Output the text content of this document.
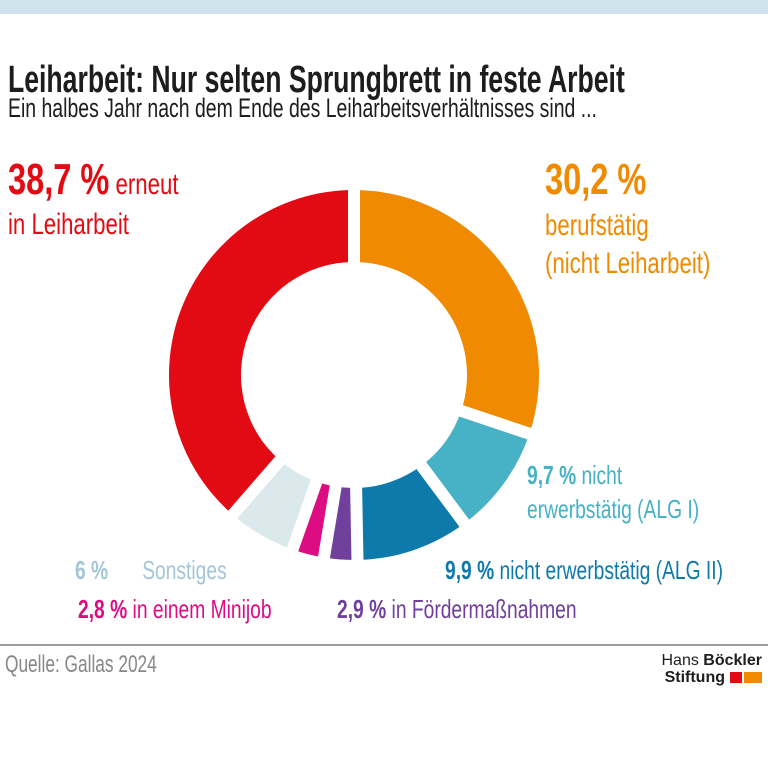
Leiharbeit: Nur selten Sprungbrett in feste Arbeit
Ein halbes Jahr nach dem Ende des Leiharbeitsverhältnisses sind ...
38,7 % erneut
in Leiharbeit
30,2 %
berufstätig
(nicht Leiharbeit)
9,7 % nicht
erwerbstätig (ALG I)
9,9 % nicht erwerbstätig (ALG II)
2,9 % in Fördermaßnahmen
2,8 % in einem Minijob
6 % Sonstiges
Quelle: Gallas 2024	Hans Böckler
Stiftung
